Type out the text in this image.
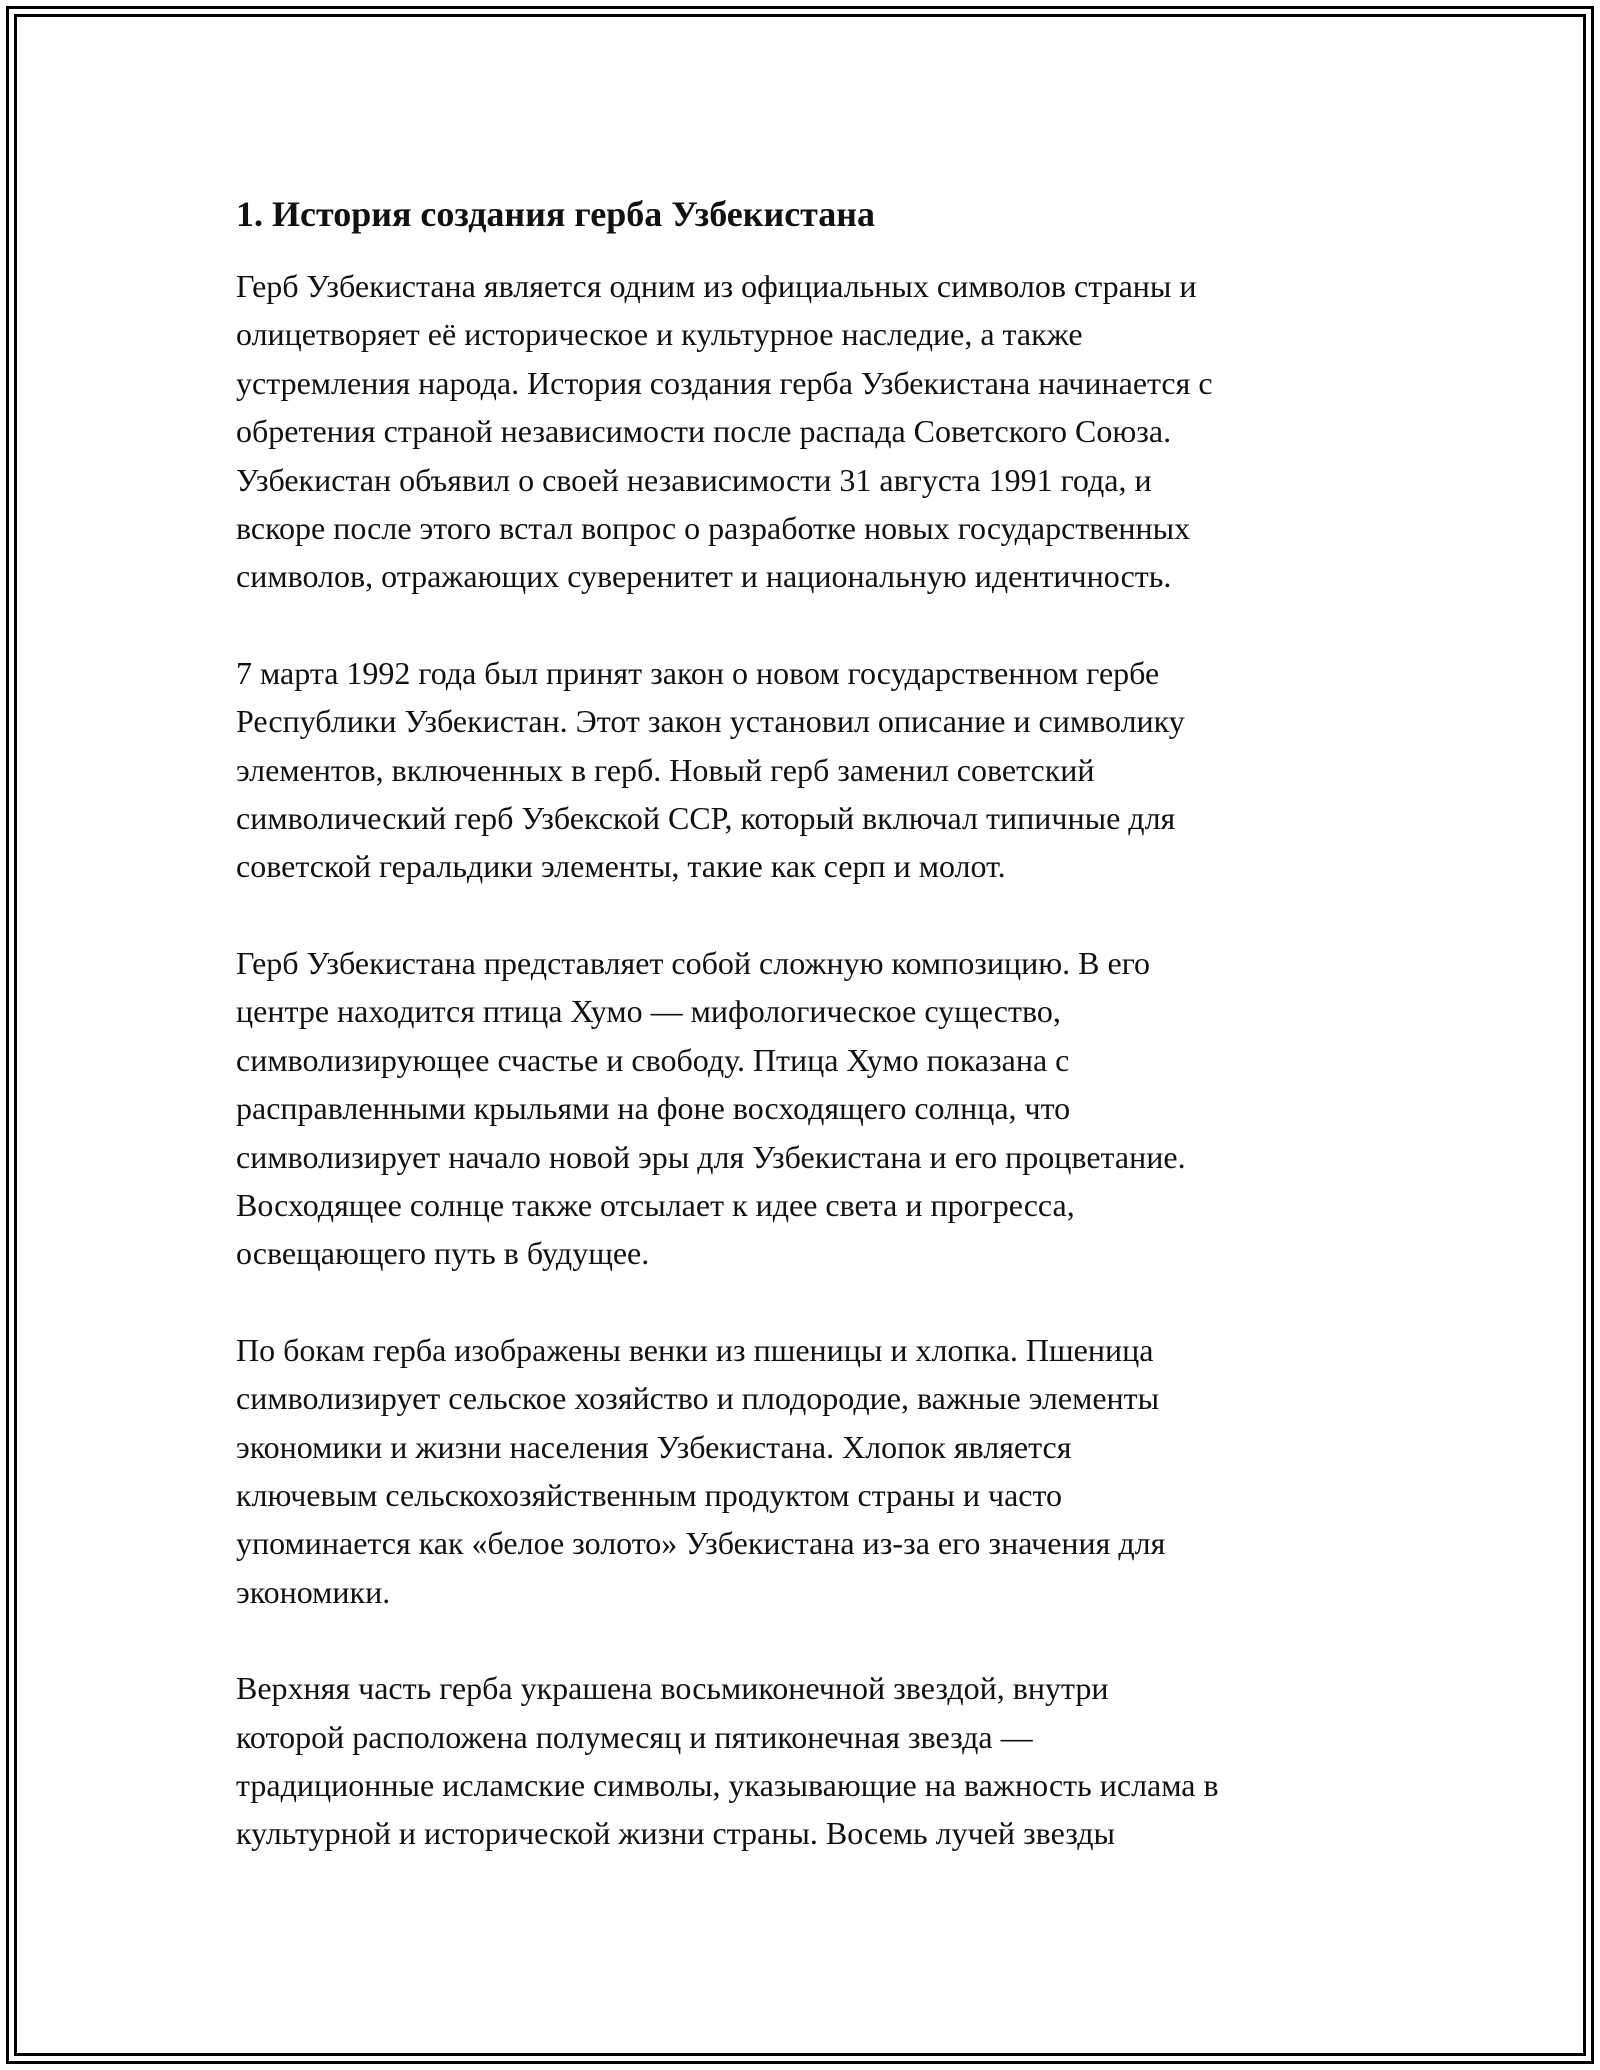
1. История создания герба Узбекистана

Герб Узбекистана является одним из официальных символов страны и
олицетворяет её историческое и культурное наследие, а также
устремления народа. История создания герба Узбекистана начинается с
обретения страной независимости после распада Советского Союза.
Узбекистан объявил о своей независимости 31 августа 1991 года, и
вскоре после этого встал вопрос о разработке новых государственных
символов, отражающих суверенитет и национальную идентичность.

7 марта 1992 года был принят закон о новом государственном гербе
Республики Узбекистан. Этот закон установил описание и символику
элементов, включенных в герб. Новый герб заменил советский
символический герб Узбекской ССР, который включал типичные для
советской геральдики элементы, такие как серп и молот.

Герб Узбекистана представляет собой сложную композицию. В его
центре находится птица Хумо — мифологическое существо,
символизирующее счастье и свободу. Птица Хумо показана с
расправленными крыльями на фоне восходящего солнца, что
символизирует начало новой эры для Узбекистана и его процветание.
Восходящее солнце также отсылает к идее света и прогресса,
освещающего путь в будущее.

По бокам герба изображены венки из пшеницы и хлопка. Пшеница
символизирует сельское хозяйство и плодородие, важные элементы
экономики и жизни населения Узбекистана. Хлопок является
ключевым сельскохозяйственным продуктом страны и часто
упоминается как «белое золото» Узбекистана из-за его значения для
экономики.

Верхняя часть герба украшена восьмиконечной звездой, внутри
которой расположена полумесяц и пятиконечная звезда —
традиционные исламские символы, указывающие на важность ислама в
культурной и исторической жизни страны. Восемь лучей звезды
